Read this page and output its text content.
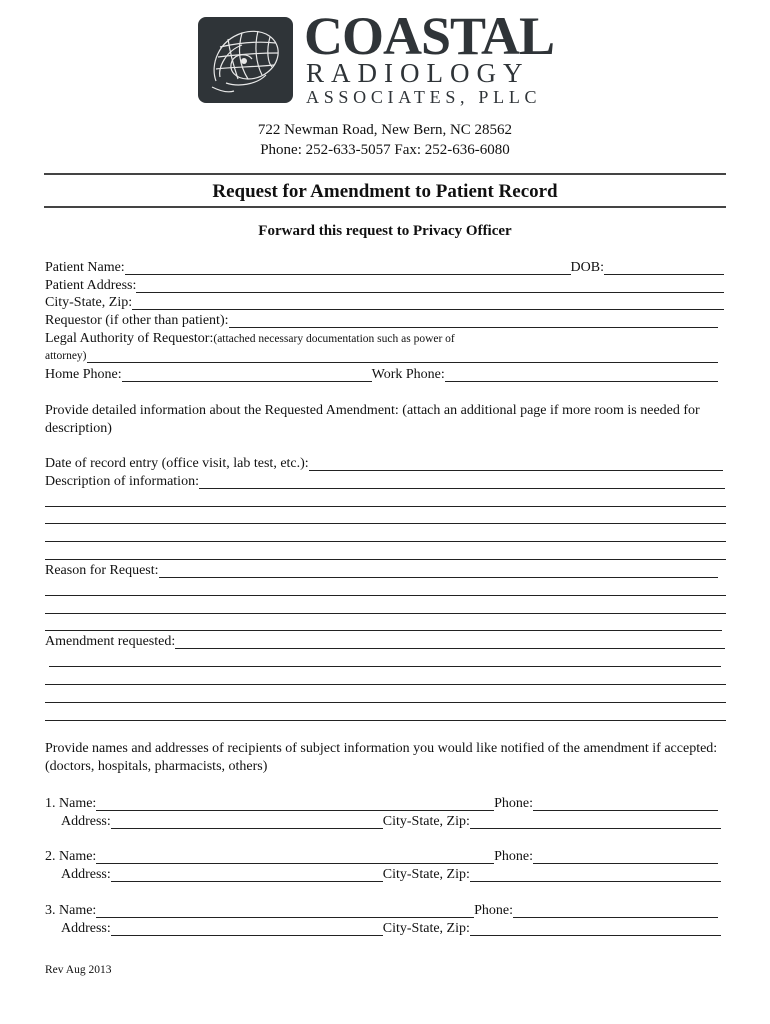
COASTAL
RADIOLOGY
ASSOCIATES, PLLC
722 Newman Road, New Bern, NC 28562
Phone: 252-633-5057 Fax: 252-636-6080
Request for Amendment to Patient Record
Forward this request to Privacy Officer
Patient Name:	DOB:
Patient Address:
City-State, Zip:
Requestor (if other than patient):
Legal Authority of Requestor: (attached necessary documentation such as power of
attorney)
Home Phone:	Work Phone:
Provide detailed information about the Requested Amendment: (attach an additional page if more room is needed for description)
Date of record entry (office visit, lab test, etc.):
Description of information:
Reason for Request:
Amendment requested:
Provide names and addresses of recipients of subject information you would like notified of the amendment if accepted: (doctors, hospitals, pharmacists, others)
1. Name:	Phone:
Address:	City-State, Zip:
2. Name:	Phone:
Address:	City-State, Zip:
3. Name:	Phone:
Address:	City-State, Zip:
Rev Aug 2013
